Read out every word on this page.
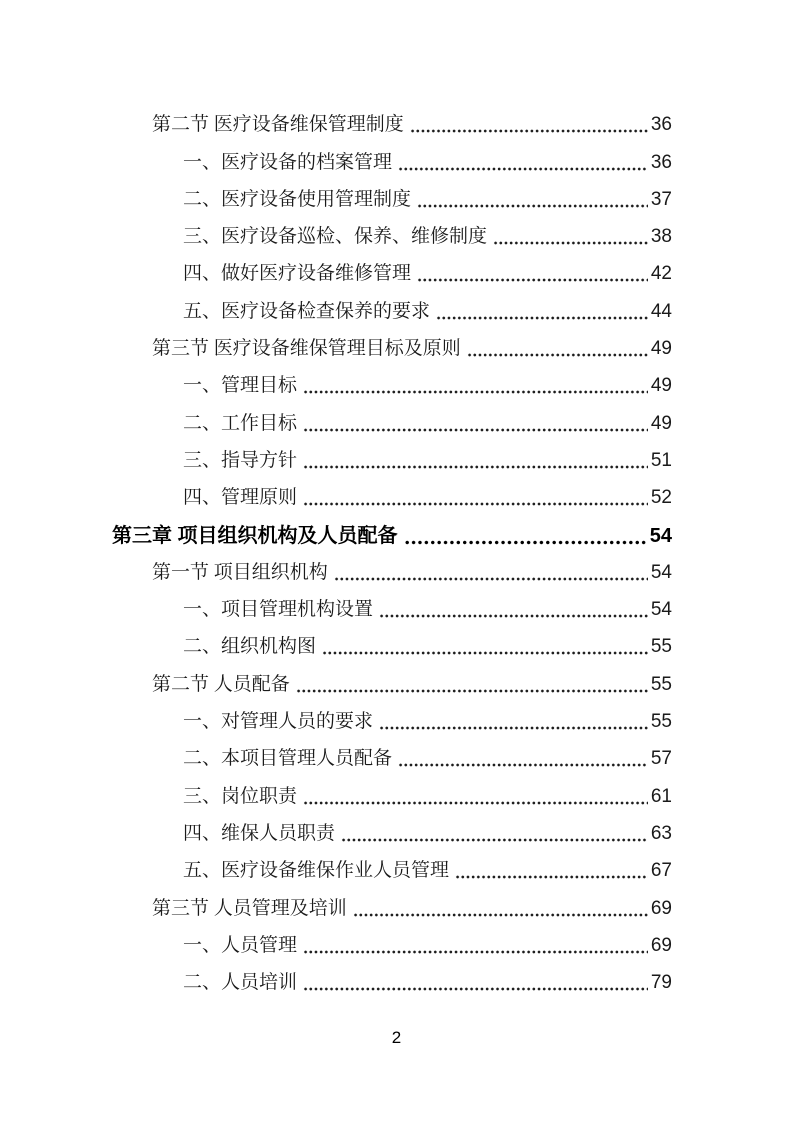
第二节 医疗设备维保管理制度	36
一、医疗设备的档案管理	36
二、医疗设备使用管理制度	37
三、医疗设备巡检、保养、维修制度	38
四、做好医疗设备维修管理	42
五、医疗设备检查保养的要求	44
第三节 医疗设备维保管理目标及原则	49
一、管理目标	49
二、工作目标	49
三、指导方针	51
四、管理原则	52
第三章 项目组织机构及人员配备	54
第一节 项目组织机构	54
一、项目管理机构设置	54
二、组织机构图	55
第二节 人员配备	55
一、对管理人员的要求	55
二、本项目管理人员配备	57
三、岗位职责	61
四、维保人员职责	63
五、医疗设备维保作业人员管理	67
第三节 人员管理及培训	69
一、人员管理	69
二、人员培训	79
2
